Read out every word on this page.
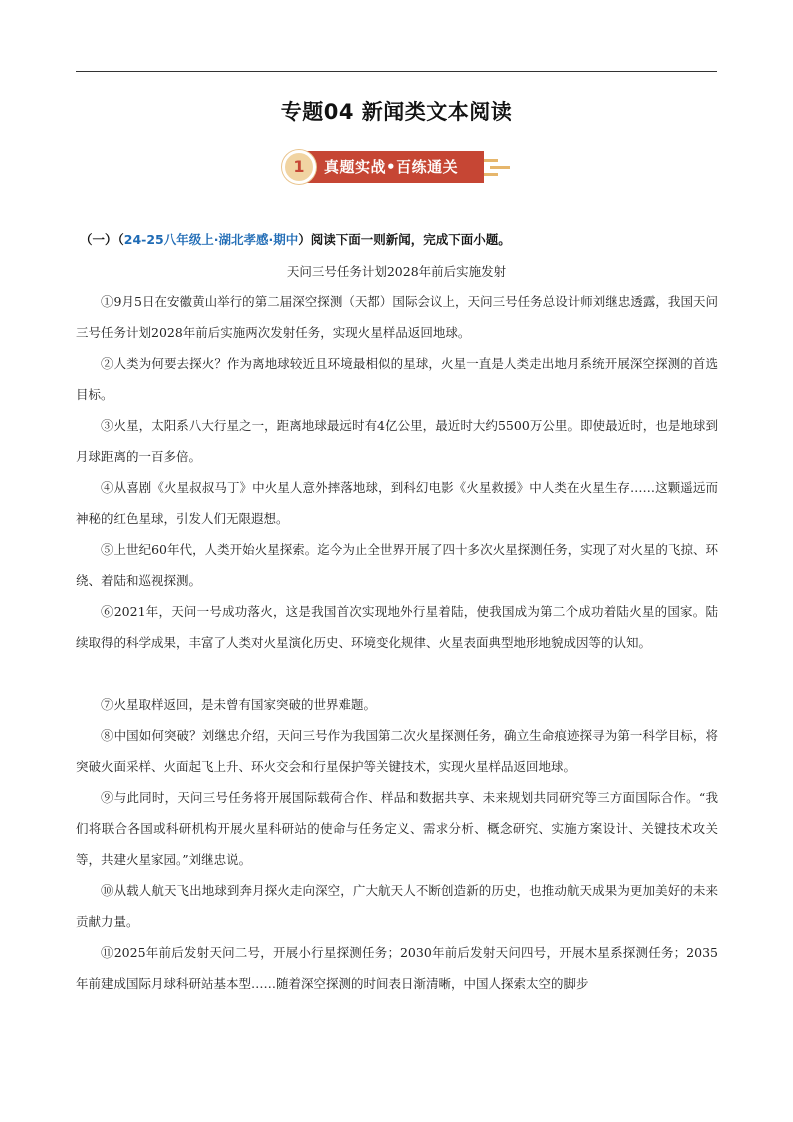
专题04 新闻类文本阅读
1	真题实战•百练通关
（一）（24-25八年级上·湖北孝感·期中）阅读下面一则新闻，完成下面小题。
天问三号任务计划2028年前后实施发射
①9月5日在安徽黄山举行的第二届深空探测（天都）国际会议上，天问三号任务总设计师刘继忠透露，我国天问三号任务计划2028年前后实施两次发射任务，实现火星样品返回地球。
②人类为何要去探火？作为离地球较近且环境最相似的星球，火星一直是人类走出地月系统开展深空探测的首选目标。
③火星，太阳系八大行星之一，距离地球最远时有4亿公里，最近时大约5500万公里。即使最近时，也是地球到月球距离的一百多倍。
④从喜剧《火星叔叔马丁》中火星人意外摔落地球，到科幻电影《火星救援》中人类在火星生存……这颗遥远而神秘的红色星球，引发人们无限遐想。
⑤上世纪60年代，人类开始火星探索。迄今为止全世界开展了四十多次火星探测任务，实现了对火星的飞掠、环绕、着陆和巡视探测。
⑥2021年，天问一号成功落火，这是我国首次实现地外行星着陆，使我国成为第二个成功着陆火星的国家。陆续取得的科学成果，丰富了人类对火星演化历史、环境变化规律、火星表面典型地形地貌成因等的认知。
⑦火星取样返回，是未曾有国家突破的世界难题。
⑧中国如何突破？刘继忠介绍，天问三号作为我国第二次火星探测任务，确立生命痕迹探寻为第一科学目标，将突破火面采样、火面起飞上升、环火交会和行星保护等关键技术，实现火星样品返回地球。
⑨与此同时，天问三号任务将开展国际载荷合作、样品和数据共享、未来规划共同研究等三方面国际合作。“我们将联合各国或科研机构开展火星科研站的使命与任务定义、需求分析、概念研究、实施方案设计、关键技术攻关等，共建火星家园。”刘继忠说。
⑩从载人航天飞出地球到奔月探火走向深空，广大航天人不断创造新的历史，也推动航天成果为更加美好的未来贡献力量。
⑪2025年前后发射天问二号，开展小行星探测任务；2030年前后发射天问四号，开展木星系探测任务；2035年前建成国际月球科研站基本型……随着深空探测的时间表日渐清晰，中国人探索太空的脚步
